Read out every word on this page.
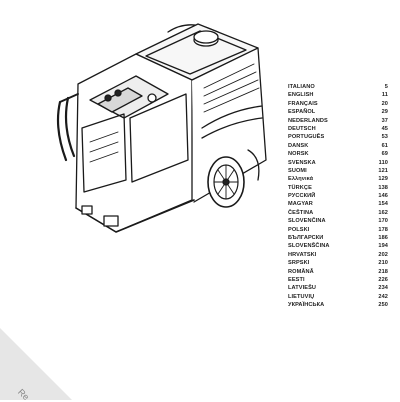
ITALIANO	5
ENGLISH	11
FRANÇAIS	20
ESPAÑOL	29
NEDERLANDS	37
DEUTSCH	45
PORTUGUÊS	53
DANSK	61
NORSK	69
SVENSKA	110
SUOMI	121
Ελληνικά	129
TÜRKÇE	138
РУССКИЙ	146
MAGYAR	154
ČEŠTINA	162
SLOVENČINA	170
POLSKI	178
БЪЛГАРСКИ	186
SLOVENŠČINA	194
HRVATSKI	202
SRPSKI	210
ROMÂNĂ	218
EESTI	226
LATVIEŠU	234
LIETUVIŲ	242
УКРАЇНСЬКА	250
Re
